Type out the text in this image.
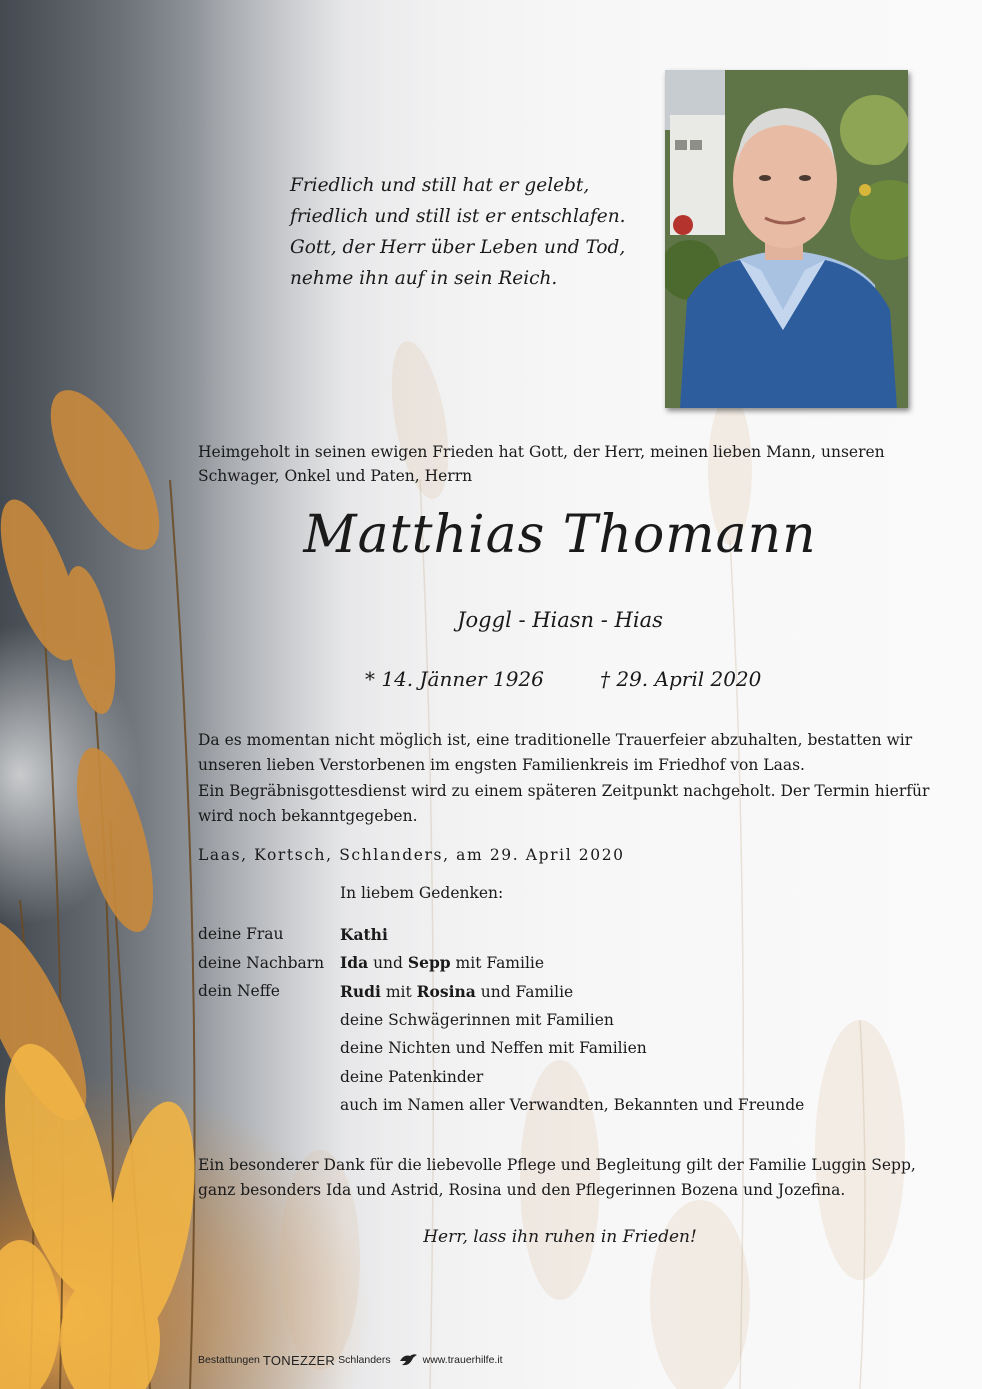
Friedlich und still hat er gelebt,
friedlich und still ist er entschlafen.
Gott, der Herr über Leben und Tod,
nehme ihn auf in sein Reich.
Heimgeholt in seinen ewigen Frieden hat Gott, der Herr, meinen lieben Mann, unseren Schwager, Onkel und Paten, Herrn
Matthias Thomann
Joggl - Hiasn - Hias
* 14. Jänner 1926	† 29. April 2020
Da es momentan nicht möglich ist, eine traditionelle Trauerfeier abzuhalten, bestatten wir unseren lieben Verstorbenen im engsten Familienkreis im Friedhof von Laas.
Ein Begräbnisgottesdienst wird zu einem späteren Zeitpunkt nachgeholt. Der Termin hierfür wird noch bekanntgegeben.
Laas, Kortsch, Schlanders, am 29. April 2020
In liebem Gedenken:
deine Frau	Kathi
deine Nachbarn	Ida und Sepp mit Familie
dein Neffe	Rudi mit Rosina und Familie
deine Schwägerinnen mit Familien
deine Nichten und Neffen mit Familien
deine Patenkinder
auch im Namen aller Verwandten, Bekannten und Freunde
Ein besonderer Dank für die liebevolle Pflege und Begleitung gilt der Familie Luggin Sepp, ganz besonders Ida und Astrid, Rosina und den Pflegerinnen Bozena und Jozefina.
Herr, lass ihn ruhen in Frieden!
Bestattungen TONEZZER Schlanders	www.trauerhilfe.it
